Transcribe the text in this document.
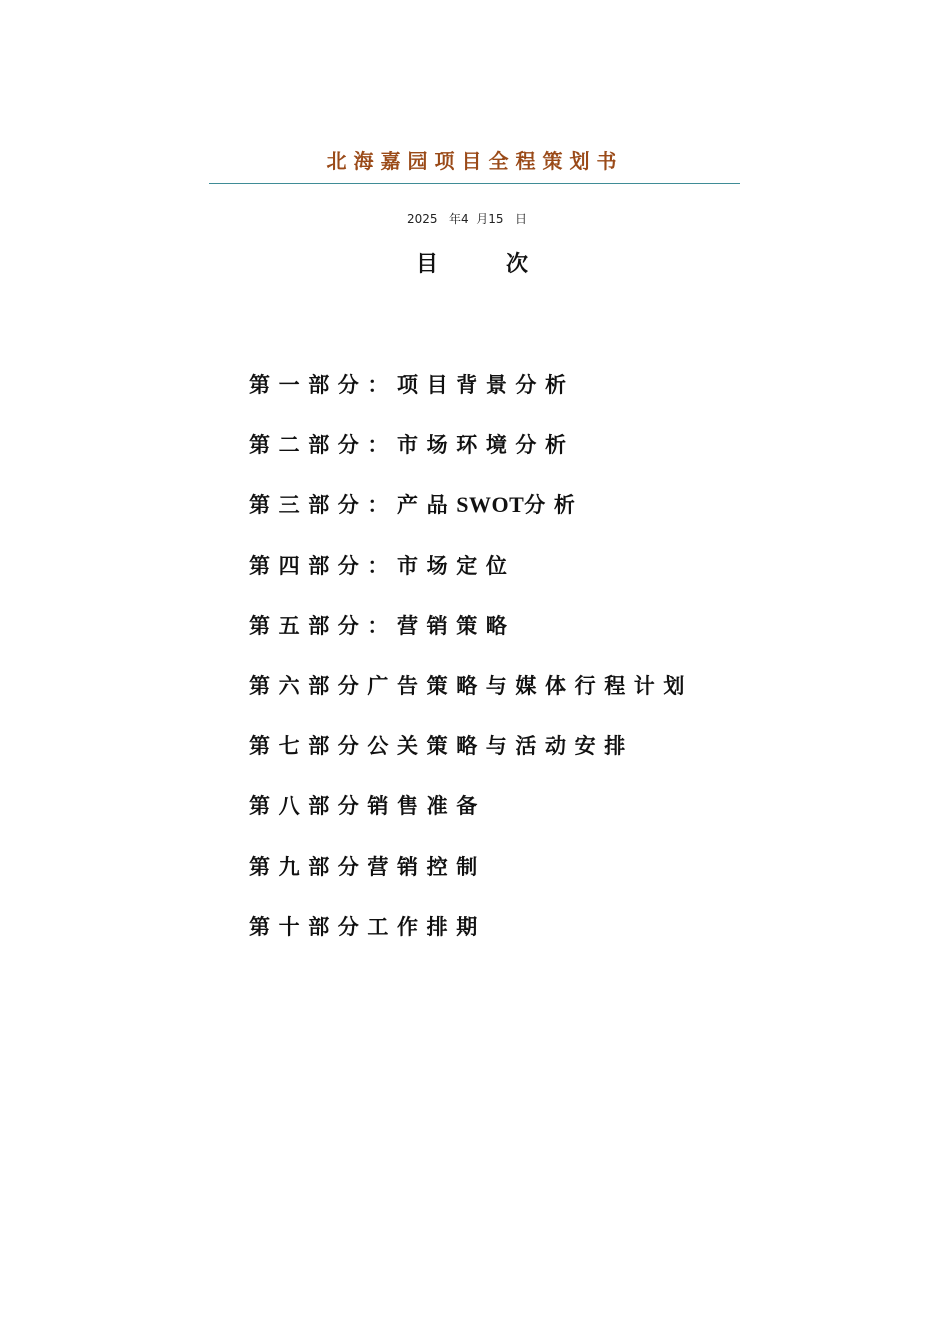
北海嘉园项目全程策划书
2025   年4  月15   日
目	次
第一部分：项目背景分析
第二部分：市场环境分析
第三部分：产品SWOT分析
第四部分：市场定位
第五部分：营销策略
第六部分广告策略与媒体行程计划
第七部分公关策略与活动安排
第八部分销售准备
第九部分营销控制
第十部分工作排期
